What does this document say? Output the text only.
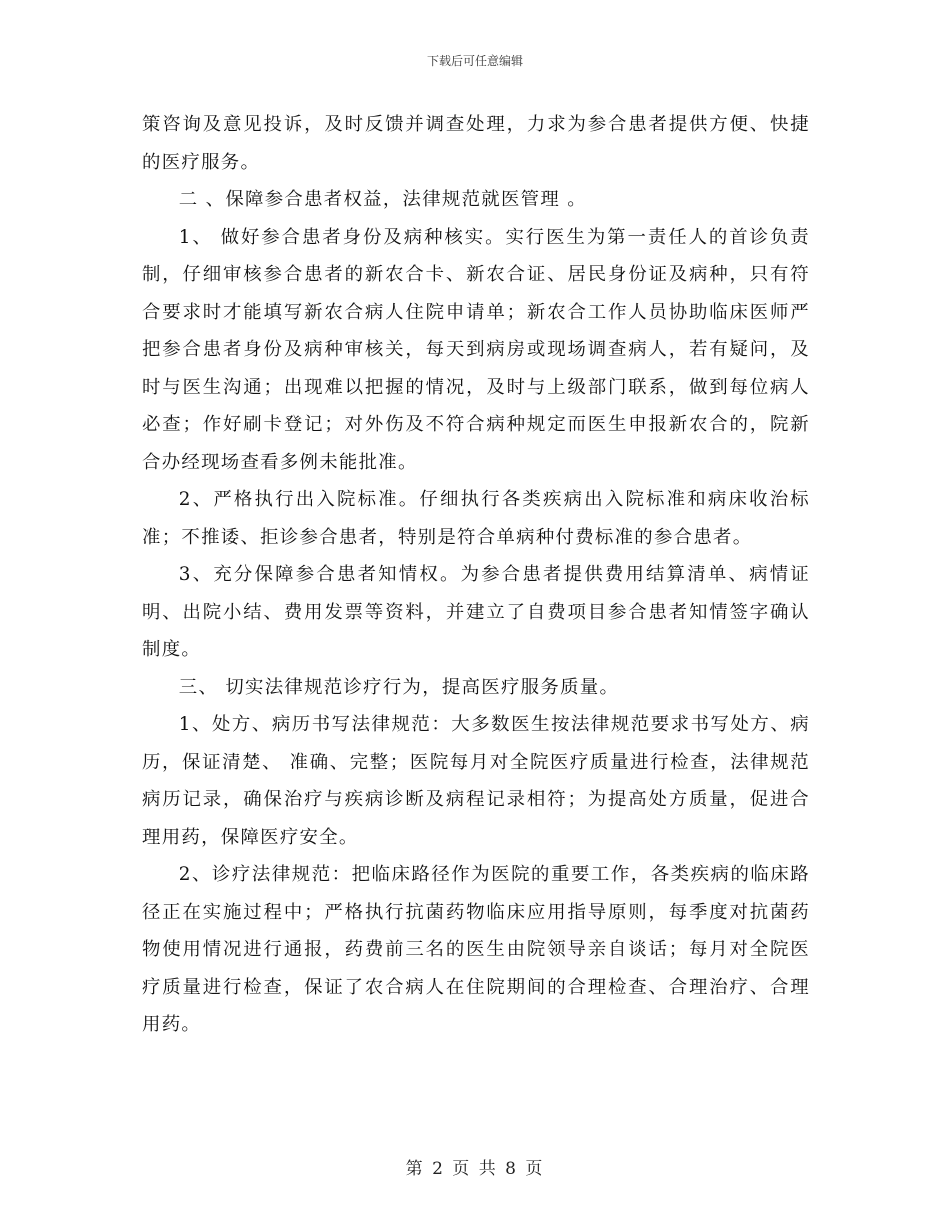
下载后可任意编辑

策咨询及意见投诉，及时反馈并调查处理，力求为参合患者提供方便、快捷的医疗服务。

二 、保障参合患者权益，法律规范就医管理 。

1、 做好参合患者身份及病种核实。实行医生为第一责任人的首诊负责制，仔细审核参合患者的新农合卡、新农合证、居民身份证及病种，只有符合要求时才能填写新农合病人住院申请单；新农合工作人员协助临床医师严把参合患者身份及病种审核关，每天到病房或现场调查病人，若有疑问，及时与医生沟通；出现难以把握的情况，及时与上级部门联系，做到每位病人必查；作好刷卡登记；对外伤及不符合病种规定而医生申报新农合的，院新合办经现场查看多例未能批准。

2、严格执行出入院标准。仔细执行各类疾病出入院标准和病床收治标准；不推诿、拒诊参合患者，特别是符合单病种付费标准的参合患者。

3、充分保障参合患者知情权。为参合患者提供费用结算清单、病情证明、出院小结、费用发票等资料，并建立了自费项目参合患者知情签字确认制度。

三、 切实法律规范诊疗行为，提高医疗服务质量。

1、处方、病历书写法律规范：大多数医生按法律规范要求书写处方、病历，保证清楚、 准确、完整；医院每月对全院医疗质量进行检查，法律规范病历记录，确保治疗与疾病诊断及病程记录相符；为提高处方质量，促进合理用药，保障医疗安全。

2、诊疗法律规范：把临床路径作为医院的重要工作，各类疾病的临床路径正在实施过程中；严格执行抗菌药物临床应用指导原则，每季度对抗菌药物使用情况进行通报，药费前三名的医生由院领导亲自谈话；每月对全院医疗质量进行检查，保证了农合病人在住院期间的合理检查、合理治疗、合理用药。

第 2 页 共 8 页
